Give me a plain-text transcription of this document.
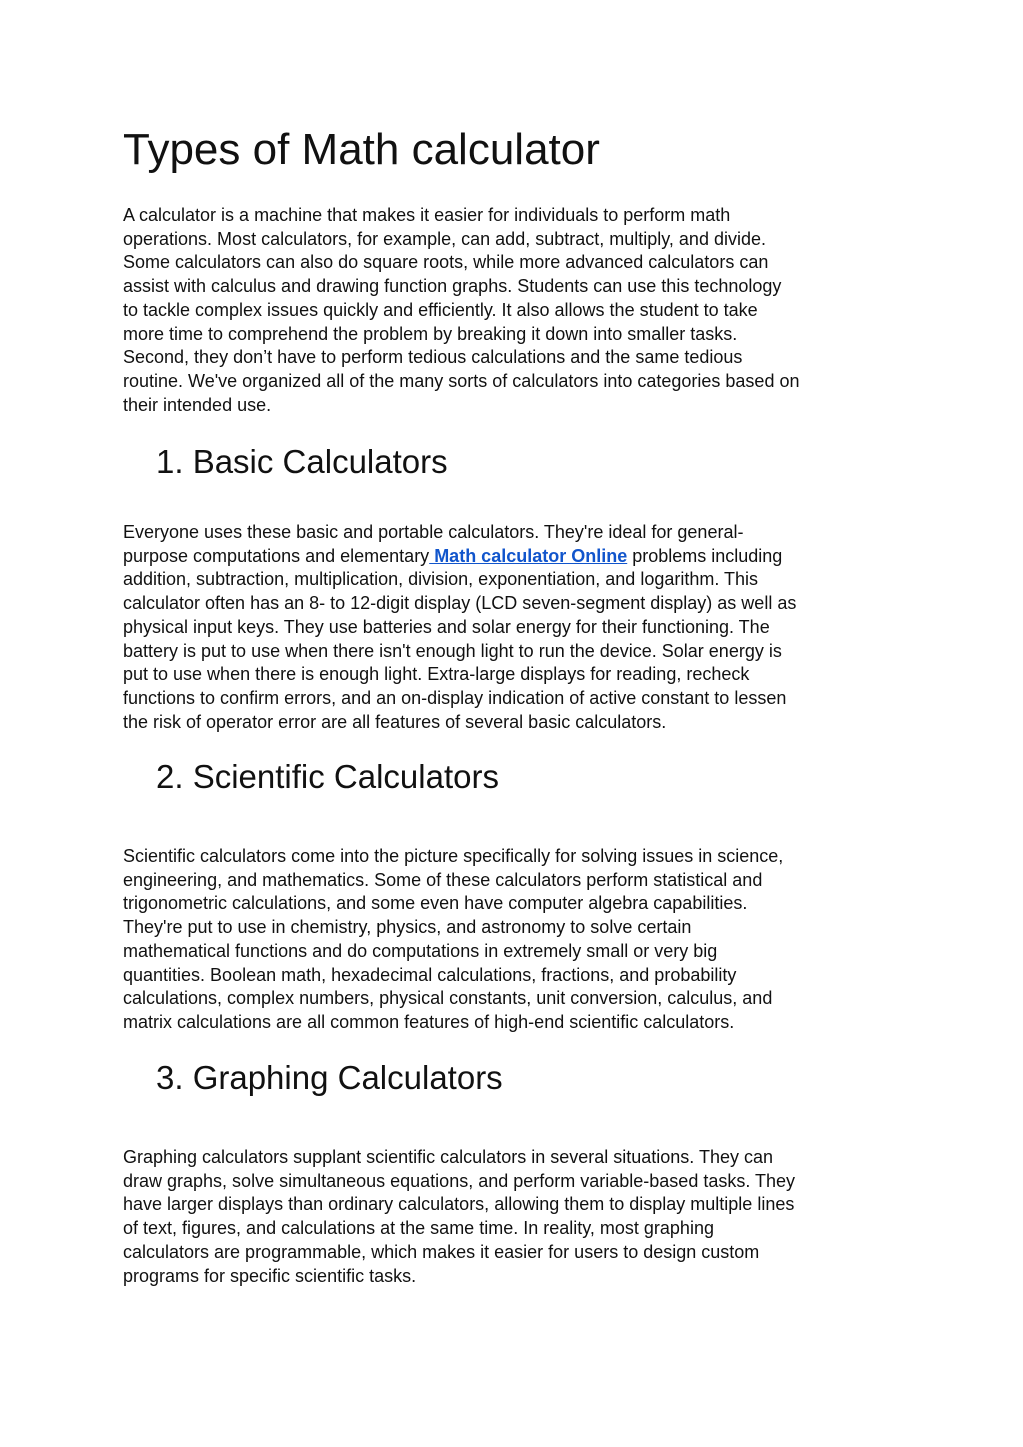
Types of Math calculator

A calculator is a machine that makes it easier for individuals to perform math
operations. Most calculators, for example, can add, subtract, multiply, and divide.
Some calculators can also do square roots, while more advanced calculators can
assist with calculus and drawing function graphs. Students can use this technology
to tackle complex issues quickly and efficiently. It also allows the student to take
more time to comprehend the problem by breaking it down into smaller tasks.
Second, they don’t have to perform tedious calculations and the same tedious
routine. We've organized all of the many sorts of calculators into categories based on
their intended use.

1. Basic Calculators

Everyone uses these basic and portable calculators. They're ideal for general-
purpose computations and elementary Math calculator Online problems including
addition, subtraction, multiplication, division, exponentiation, and logarithm. This
calculator often has an 8- to 12-digit display (LCD seven-segment display) as well as
physical input keys. They use batteries and solar energy for their functioning. The
battery is put to use when there isn't enough light to run the device. Solar energy is
put to use when there is enough light. Extra-large displays for reading, recheck
functions to confirm errors, and an on-display indication of active constant to lessen
the risk of operator error are all features of several basic calculators.

2. Scientific Calculators

Scientific calculators come into the picture specifically for solving issues in science,
engineering, and mathematics. Some of these calculators perform statistical and
trigonometric calculations, and some even have computer algebra capabilities.
They're put to use in chemistry, physics, and astronomy to solve certain
mathematical functions and do computations in extremely small or very big
quantities. Boolean math, hexadecimal calculations, fractions, and probability
calculations, complex numbers, physical constants, unit conversion, calculus, and
matrix calculations are all common features of high-end scientific calculators.

3. Graphing Calculators

Graphing calculators supplant scientific calculators in several situations. They can
draw graphs, solve simultaneous equations, and perform variable-based tasks. They
have larger displays than ordinary calculators, allowing them to display multiple lines
of text, figures, and calculations at the same time. In reality, most graphing
calculators are programmable, which makes it easier for users to design custom
programs for specific scientific tasks.
